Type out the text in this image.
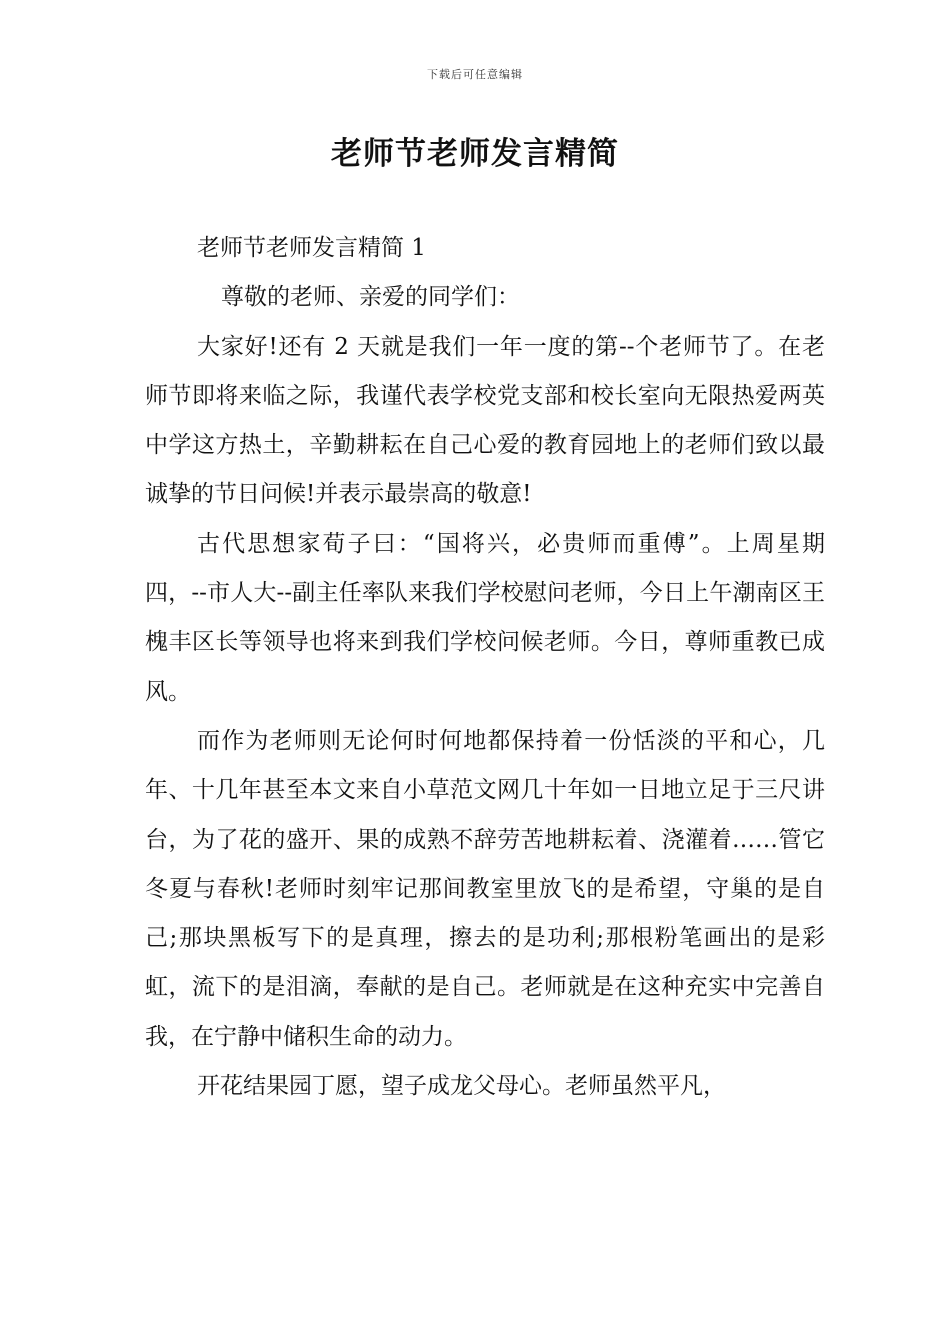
下载后可任意编辑
老师节老师发言精简

老师节老师发言精简 1

尊敬的老师、亲爱的同学们：

大家好!还有 2 天就是我们一年一度的第--个老师节了。在老师节即将来临之际，我谨代表学校党支部和校长室向无限热爱两英中学这方热土，辛勤耕耘在自己心爱的教育园地上的老师们致以最诚挚的节日问候!并表示最崇高的敬意!

古代思想家荀子曰：“国将兴，必贵师而重傅”。上周星期四，--市人大--副主任率队来我们学校慰问老师，今日上午潮南区王槐丰区长等领导也将来到我们学校问候老师。今日，尊师重教已成风。

而作为老师则无论何时何地都保持着一份恬淡的平和心，几年、十几年甚至本文来自小草范文网几十年如一日地立足于三尺讲台，为了花的盛开、果的成熟不辞劳苦地耕耘着、浇灌着……管它冬夏与春秋!老师时刻牢记那间教室里放飞的是希望，守巢的是自己;那块黑板写下的是真理，擦去的是功利;那根粉笔画出的是彩虹，流下的是泪滴，奉献的是自己。老师就是在这种充实中完善自我，在宁静中储积生命的动力。

开花结果园丁愿，望子成龙父母心。老师虽然平凡，
